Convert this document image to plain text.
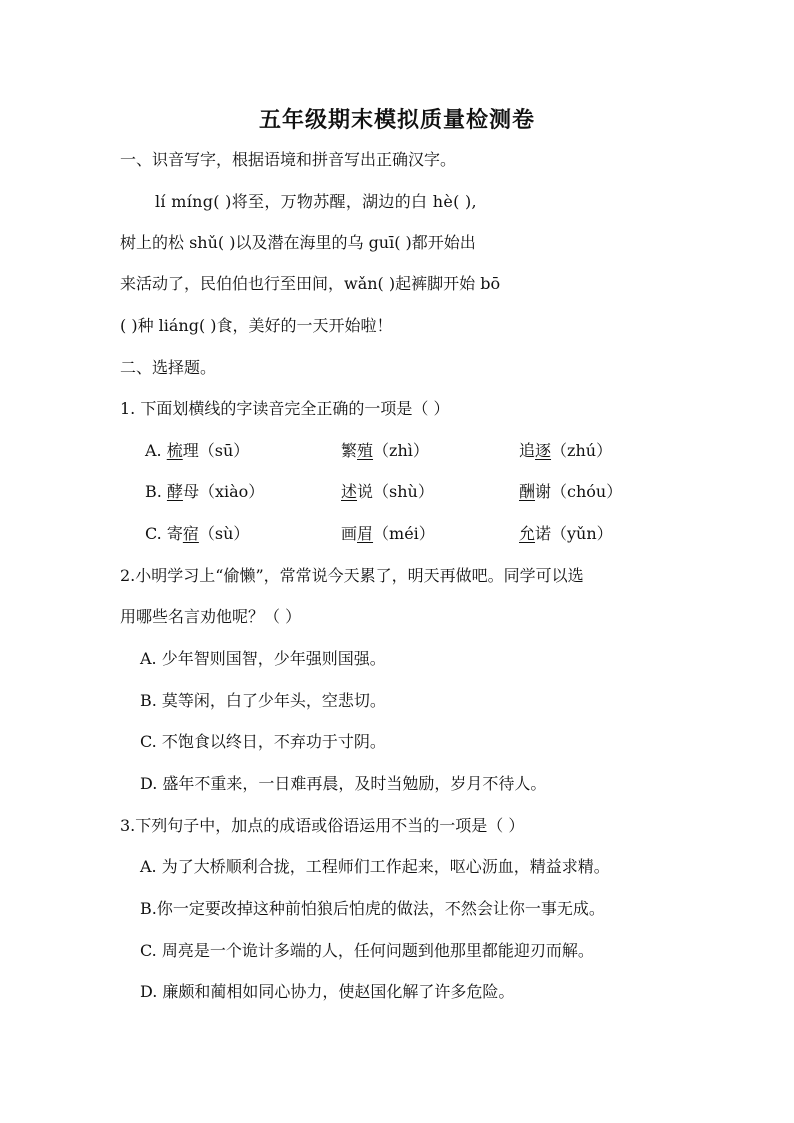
五年级期末模拟质量检测卷
一、识音写字，根据语境和拼音写出正确汉字。
lí míng( )将至，万物苏醒，湖边的白 hè( ),
树上的松 shǔ( )以及潜在海里的乌 guī( )都开始出
来活动了，民伯伯也行至田间，wǎn( )起裤脚开始 bō
( )种 liáng( )食，美好的一天开始啦！
二、选择题。
1. 下面划横线的字读音完全正确的一项是（ ）
A. 梳理（sū）	繁殖（zhì）	追逐（zhú）
B. 酵母（xiào）	述说（shù）	酬谢（chóu）
C. 寄宿（sù）	画眉（méi）	允诺（yǔn）
2.小明学习上“偷懒”，常常说今天累了，明天再做吧。同学可以选
用哪些名言劝他呢？（ ）
A. 少年智则国智，少年强则国强。
B. 莫等闲，白了少年头，空悲切。
C. 不饱食以终日，不弃功于寸阴。
D. 盛年不重来，一日难再晨，及时当勉励，岁月不待人。
3.下列句子中，加点的成语或俗语运用不当的一项是（ ）
A. 为了大桥顺利合拢，工程师们工作起来，呕心沥血，精益求精。
B.你一定要改掉这种前怕狼后怕虎的做法，不然会让你一事无成。
C. 周亮是一个诡计多端的人，任何问题到他那里都能迎刃而解。
D. 廉颇和蔺相如同心协力，使赵国化解了许多危险。
